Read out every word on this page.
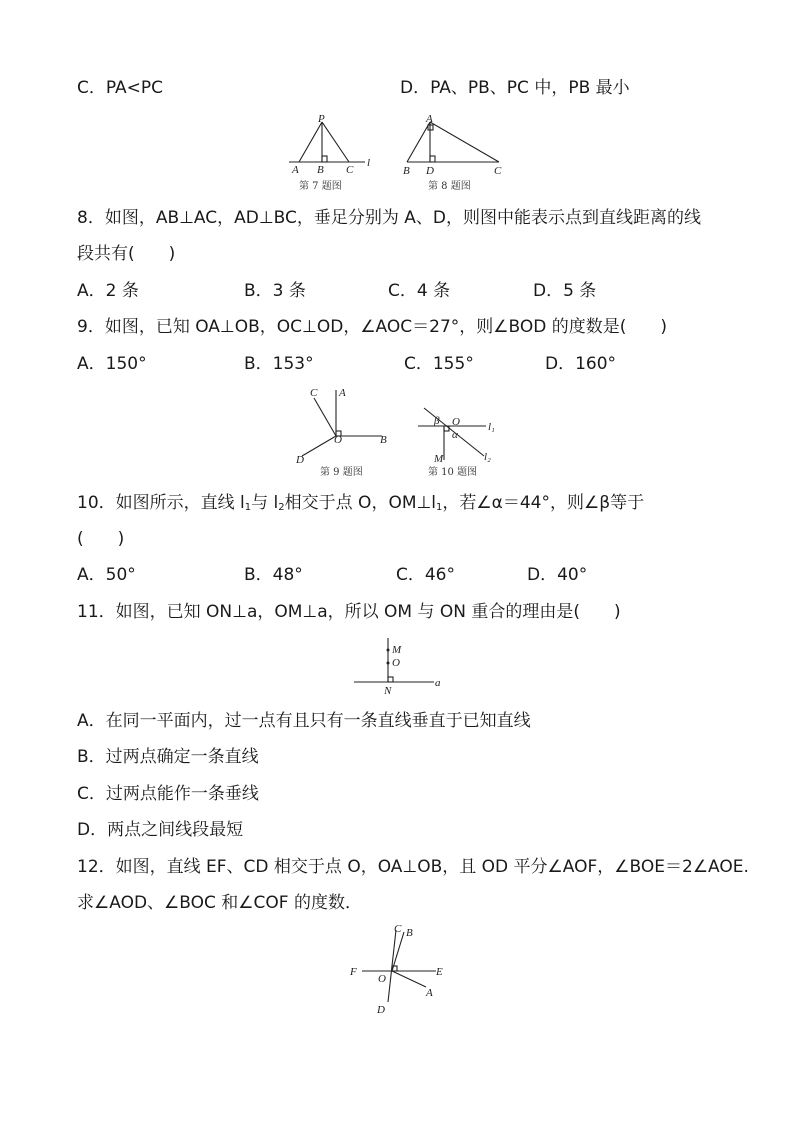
C．PA<PC	D．PA、PB、PC 中，PB 最小
P
A B C
l
第 7 题图
A
B D	C
第 8 题图
8．如图，AB⊥AC，AD⊥BC，垂足分别为 A、D，则图中能表示点到直线距离的线
段共有(　　)
A．2 条	B．3 条	C．4 条	D．5 条
9．如图，已知 OA⊥OB，OC⊥OD，∠AOC＝27°，则∠BOD 的度数是(　　)
A．150°	B．153°	C．155°	D．160°
C A
O	B
D
第 9 题图
β O
α
l₁
M	l₂
第 10 题图
10．如图所示，直线 $l_1$与 $l_2$相交于点 O，$OM\perp l_1$，若∠α＝44°，则∠β等于
(　　)
A．50°	B．48°	C．46°	D．40°
11．如图，已知 ON⊥a，OM⊥a，所以 OM 与 ON 重合的理由是(　　)
M
O
N
a
A．在同一平面内，过一点有且只有一条直线垂直于已知直线
B．过两点确定一条直线
C．过两点能作一条垂线
D．两点之间线段最短
12．如图，直线 EF、CD 相交于点 O，OA⊥OB，且 OD 平分∠AOF，∠BOE＝2∠AOE.
求∠AOD、∠BOC 和∠COF 的度数．
C B
F	E
O
A
D
